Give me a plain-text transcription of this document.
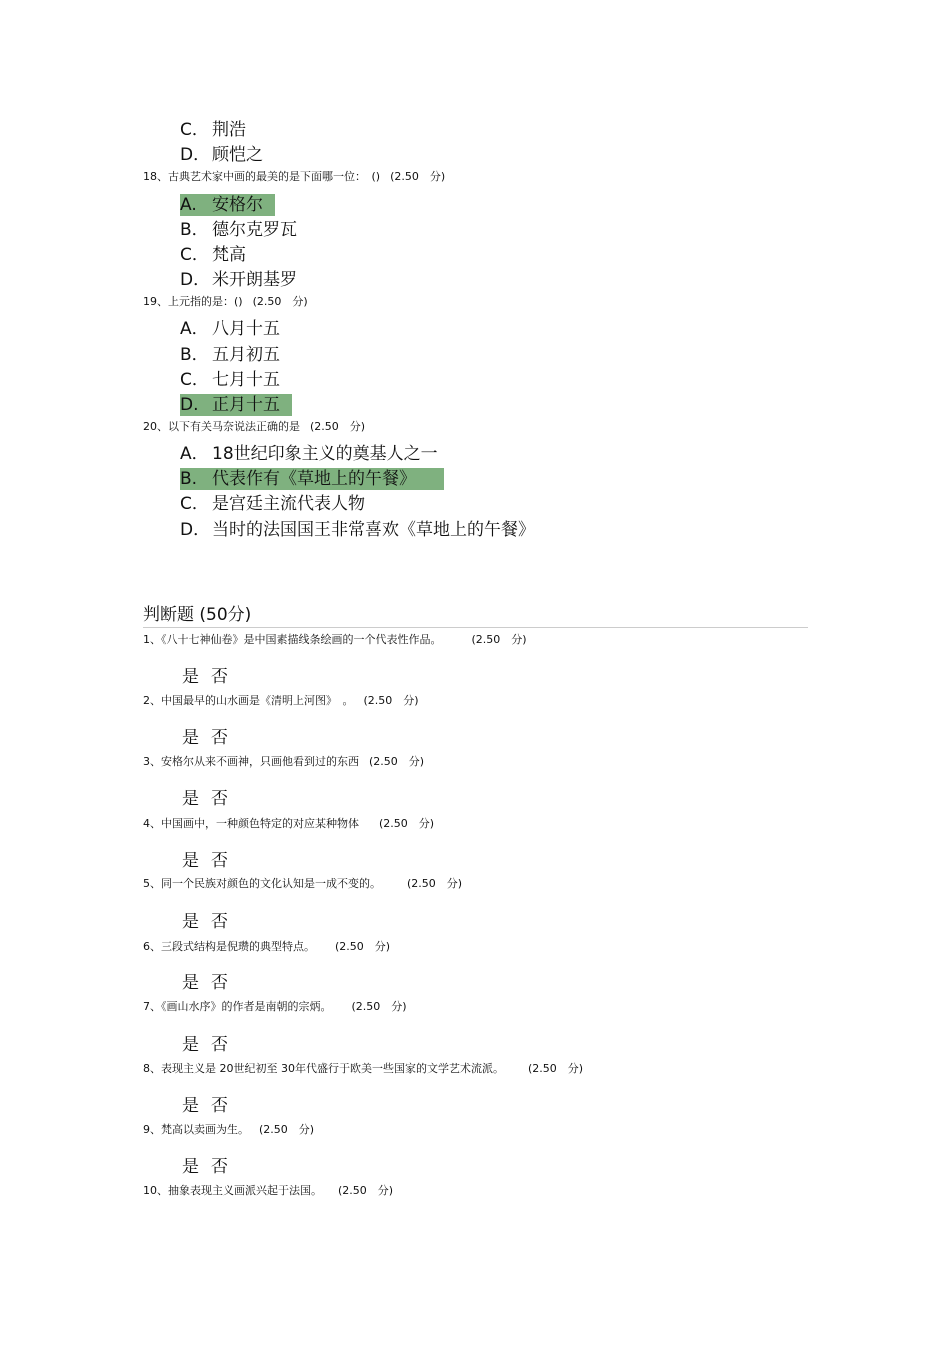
C． 荆浩
D． 顾恺之
18、古典艺术家中画的最美的是下面哪一位：　() (2.50　分)
A. 安格尔
B． 德尔克罗瓦
C． 梵高
D． 米开朗基罗
19、上元指的是：() (2.50　分)
A． 八月十五
B． 五月初五
C． 七月十五
D. 正月十五
20、以下有关马奈说法正确的是 (2.50　分)
A． 18世纪印象主义的奠基人之一
B. 代表作有《草地上的午餐》
C． 是宫廷主流代表人物
D． 当时的法国国王非常喜欢《草地上的午餐》
判断题 (50分)
1、《八十七神仙卷》是中国素描线条绘画的一个代表性作品。	(2.50　分)
是 否
2、中国最早的山水画是《清明上河图》　。 (2.50　分)
是 否
3、安格尔从来不画神，只画他看到过的东西 (2.50　分)
是 否
4、中国画中，一种颜色特定的对应某种物体 (2.50　分)
是 否
5、同一个民族对颜色的文化认知是一成不变的。 (2.50　分)
是 否
6、三段式结构是倪瓒的典型特点。 (2.50　分)
是 否
7、《画山水序》的作者是南朝的宗炳。 (2.50　分)
是 否
8、表现主义是 20世纪初至 30年代盛行于欧美一些国家的文学艺术流派。 (2.50　分)
是 否
9、梵高以卖画为生。 (2.50　分)
是 否
10、抽象表现主义画派兴起于法国。 (2.50　分)
